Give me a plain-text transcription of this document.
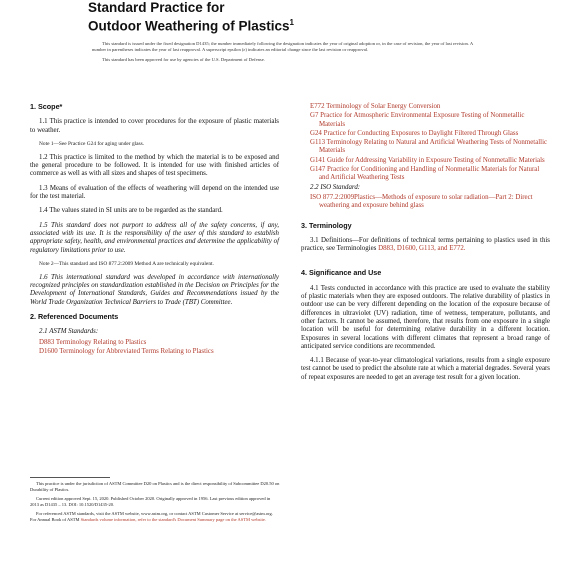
Standard Practice for
Outdoor Weathering of Plastics$^1$

This standard is issued under the fixed designation D1435; the number immediately following the designation indicates the year of original adoption or, in the case of revision, the year of last revision. A number in parentheses indicates the year of last reapproval. A superscript epsilon (ε) indicates an editorial change since the last revision or reapproval.

This standard has been approved for use by agencies of the U.S. Department of Defense.

1. Scope*

1.1 This practice is intended to cover procedures for the exposure of plastic materials to weather.

Note 1—See Practice G24 for aging under glass.

1.2 This practice is limited to the method by which the material is to be exposed and the general procedure to be followed. It is intended for use with finished articles of commerce as well as with all sizes and shapes of test specimens.

1.3 Means of evaluation of the effects of weathering will depend on the intended use for the test material.

1.4 The values stated in SI units are to be regarded as the standard.

1.5 This standard does not purport to address all of the safety concerns, if any, associated with its use. It is the responsibility of the user of this standard to establish appropriate safety, health, and environmental practices and determine the applicability of regulatory limitations prior to use.

Note 2—This standard and ISO 877.2:2009 Method A are technically equivalent.

1.6 This international standard was developed in accordance with internationally recognized principles on standardization established in the Decision on Principles for the Development of International Standards, Guides and Recommendations issued by the World Trade Organization Technical Barriers to Trade (TBT) Committee.

2. Referenced Documents
2.1 ASTM Standards:
D883 Terminology Relating to Plastics
D1600 Terminology for Abbreviated Terms Relating to Plastics

This practice is under the jurisdiction of ASTM Committee D20 on Plastics and is the direct responsibility of Subcommittee D20.50 on Durability of Plastics.

Current edition approved Sept. 15, 2020. Published October 2020. Originally approved in 1956. Last previous edition approved in 2013 as D1435 – 13. DOI: 10.1520/D1435-20.

For referenced ASTM standards, visit the ASTM website, www.astm.org, or contact ASTM Customer Service at service@astm.org. For Annual Book of ASTM Standards volume information, refer to the standard's Document Summary page on the ASTM website.

E772 Terminology of Solar Energy Conversion
G7 Practice for Atmospheric Environmental Exposure Testing of Nonmetallic Materials
G24 Practice for Conducting Exposures to Daylight Filtered Through Glass
G113 Terminology Relating to Natural and Artificial Weathering Tests of Nonmetallic Materials
G141 Guide for Addressing Variability in Exposure Testing of Nonmetallic Materials
G147 Practice for Conditioning and Handling of Nonmetallic Materials for Natural and Artificial Weathering Tests
2.2 ISO Standard:
ISO 877.2:2009Plastics—Methods of exposure to solar radiation—Part 2: Direct weathering and exposure behind glass
3. Terminology

3.1 Definitions—For definitions of technical terms pertaining to plastics used in this practice, see Terminologies D883, D1600, G113, and E772.

4. Significance and Use

4.1 Tests conducted in accordance with this practice are used to evaluate the stability of plastic materials when they are exposed outdoors. The relative durability of plastics in outdoor use can be very different depending on the location of the exposure because of differences in ultraviolet (UV) radiation, time of wetness, temperature, pollutants, and other factors. It cannot be assumed, therefore, that results from one exposure in a single location will be useful for determining relative durability in a different location. Exposures in several locations with different climates that represent a broad range of anticipated service conditions are recommended.

4.1.1 Because of year-to-year climatological variations, results from a single exposure test cannot be used to predict the absolute rate at which a material degrades. Several years of repeat exposures are needed to get an average test result for a given location.
